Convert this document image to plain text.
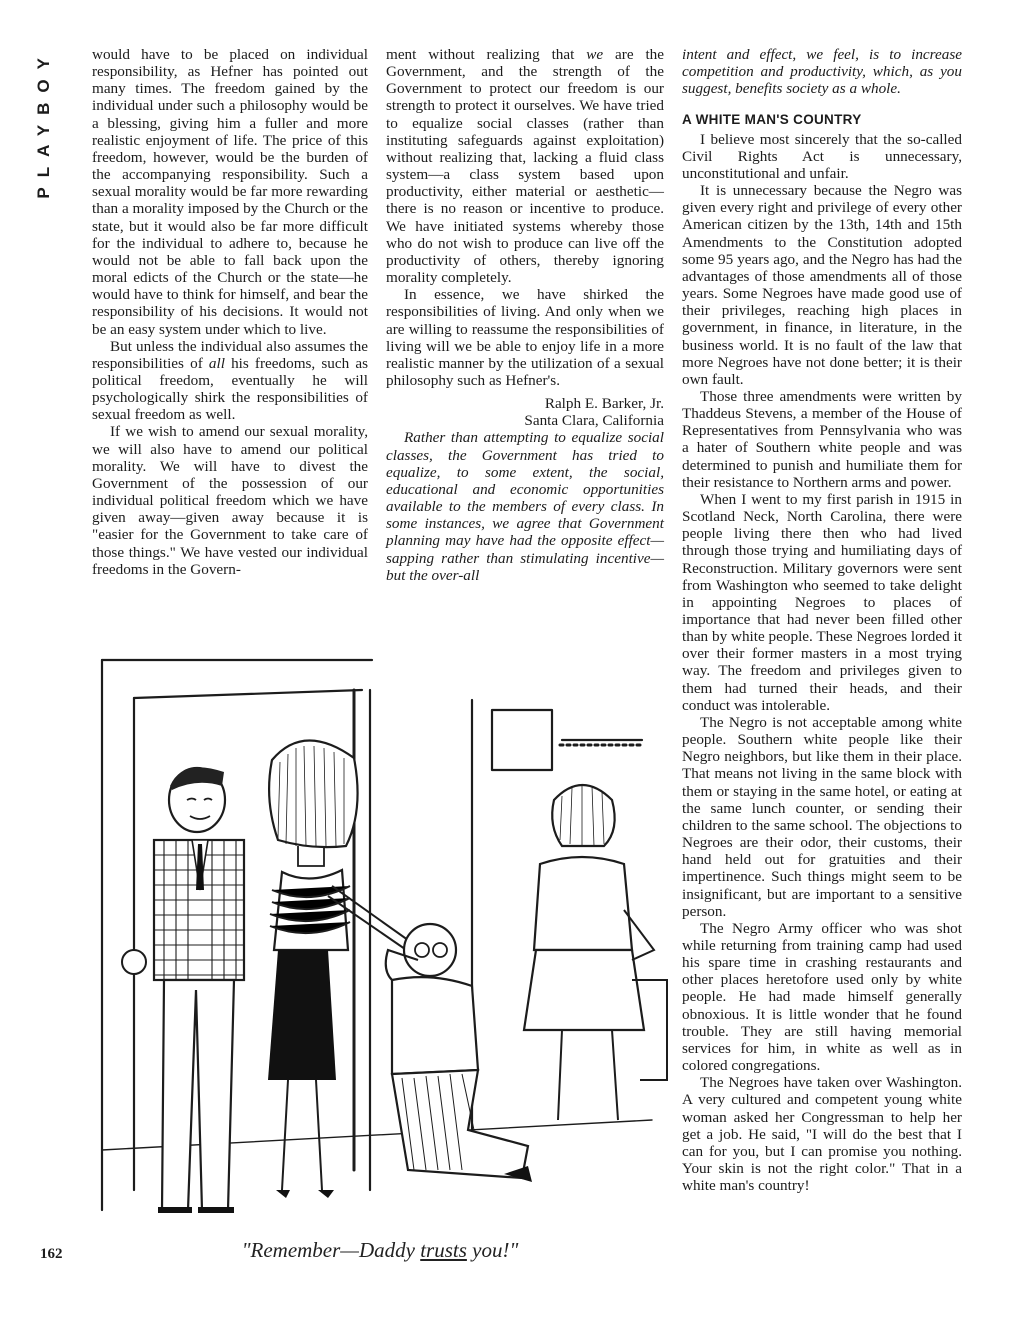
PLAYBOY	would have to be placed on individual responsibility, as Hefner has pointed out many times. The freedom gained by the individual under such a philosophy would be a blessing, giving him a fuller and more realistic enjoyment of life. The price of this freedom, however, would be the burden of the accompanying responsibility. Such a sexual morality would be far more rewarding than a morality imposed by the Church or the state, but it would also be far more difficult for the individual to adhere to, because he would not be able to fall back upon the moral edicts of the Church or the state—he would have to think for himself, and bear the responsibility of his decisions. It would not be an easy system under which to live.

But unless the individual also assumes the responsibilities of all his freedoms, such as political freedom, eventually he will psychologically shirk the responsibilities of sexual freedom as well.

If we wish to amend our sexual morality, we will also have to amend our political morality. We will have to divest the Government of the possession of our individual political freedom which we have given away—given away because it is "easier for the Government to take care of those things." We have vested our individual freedoms in the Govern-

ment without realizing that we are the Government, and the strength of the Government to protect our freedom is our strength to protect it ourselves. We have tried to equalize social classes (rather than instituting safeguards against exploitation) without realizing that, lacking a fluid class system—a class system based upon productivity, either material or aesthetic—there is no reason or incentive to produce. We have initiated systems whereby those who do not wish to produce can live off the productivity of others, thereby ignoring morality completely.

In essence, we have shirked the responsibilities of living. And only when we are willing to reassume the responsibilities of living will we be able to enjoy life in a more realistic manner by the utilization of a sexual philosophy such as Hefner's.

Ralph E. Barker, Jr.

Santa Clara, California

Rather than attempting to equalize social classes, the Government has tried to equalize, to some extent, the social, educational and economic opportunities available to the members of every class. In some instances, we agree that Government planning may have had the opposite effect—sapping rather than stimulating incentive—but the over-all

intent and effect, we feel, is to increase competition and productivity, which, as you suggest, benefits society as a whole.

A WHITE MAN'S COUNTRY

I believe most sincerely that the so-called Civil Rights Act is unnecessary, unconstitutional and unfair.

It is unnecessary because the Negro was given every right and privilege of every other American citizen by the 13th, 14th and 15th Amendments to the Constitution adopted some 95 years ago, and the Negro has had the advantages of those amendments all of those years. Some Negroes have made good use of their privileges, reaching high places in government, in finance, in literature, in the business world. It is no fault of the law that more Negroes have not done better; it is their own fault.

Those three amendments were written by Thaddeus Stevens, a member of the House of Representatives from Pennsylvania who was a hater of Southern white people and was determined to punish and humiliate them for their resistance to Northern arms and power.

When I went to my first parish in 1915 in Scotland Neck, North Carolina, there were people living there then who had lived through those trying and humiliating days of Reconstruction. Military governors were sent from Washington who seemed to take delight in appointing Negroes to places of importance that had never been filled other than by white people. These Negroes lorded it over their former masters in a most trying way. The freedom and privileges given to them had turned their heads, and their conduct was intolerable.

The Negro is not acceptable among white people. Southern white people like their Negro neighbors, but like them in their place. That means not living in the same block with them or staying in the same hotel, or eating at the same lunch counter, or sending their children to the same school. The objections to Negroes are their odor, their customs, their hand held out for gratuities and their impertinence. Such things might seem to be insignificant, but are important to a sensitive person.

The Negro Army officer who was shot while returning from training camp had used his spare time in crashing restaurants and other places heretofore used only by white people. He had made himself generally obnoxious. It is little wonder that he found trouble. They are still having memorial services for him, in white as well as in colored congregations.

The Negroes have taken over Washington. A very cultured and competent young white woman asked her Congressman to help her get a job. He said, "I will do the best that I can for you, but I can promise you nothing. Your skin is not the right color." That in a white man's country!

"Remember—Daddy trusts you!"
162
